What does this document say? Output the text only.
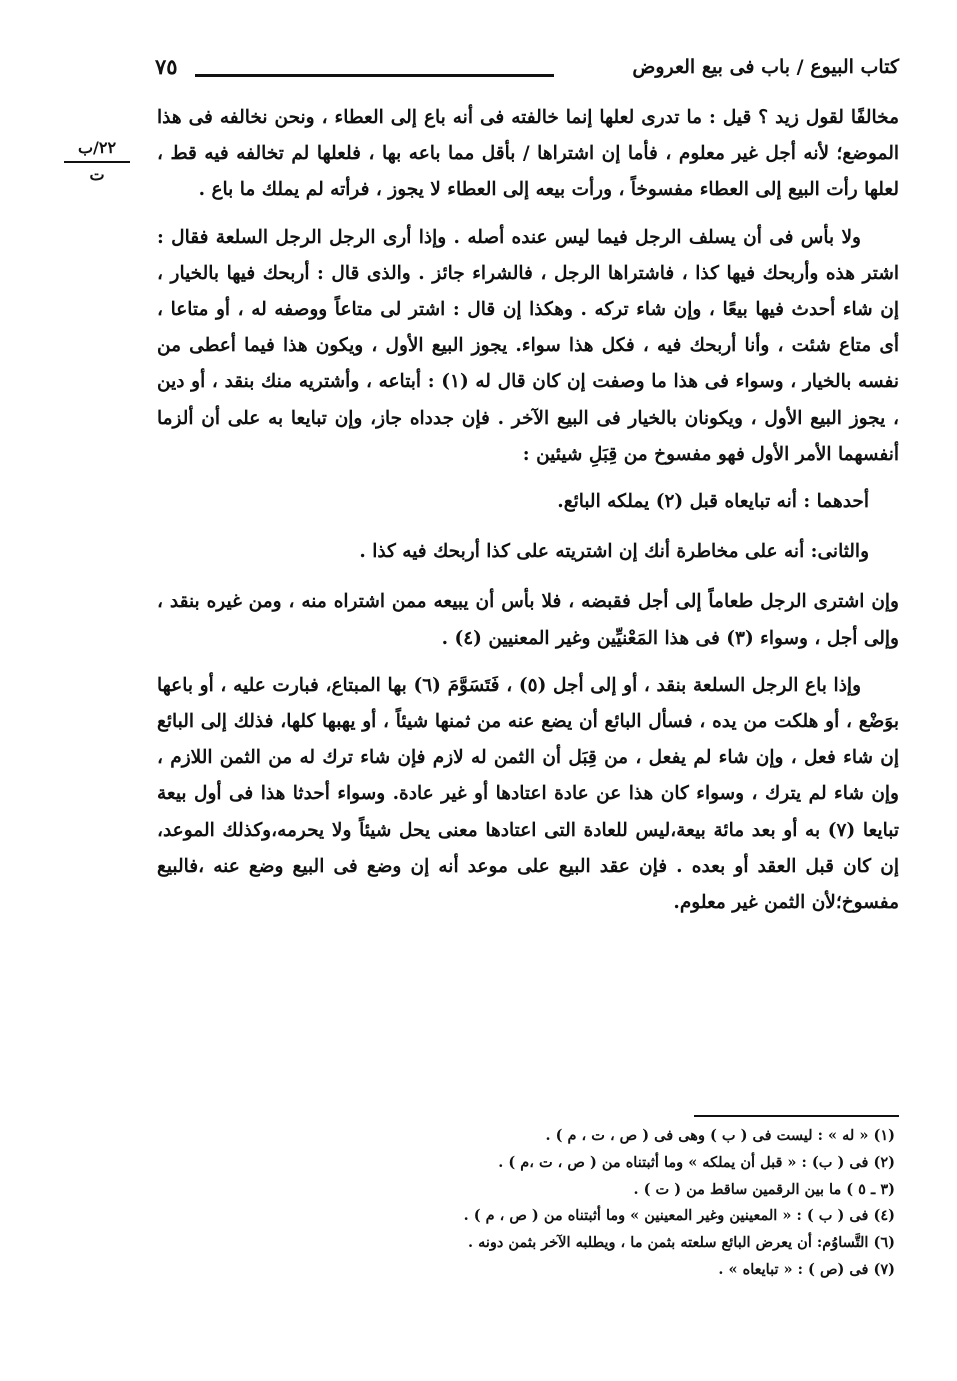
كتاب البيوع / باب فى بيع العروض
٧٥
٢٢/ب
ت

مخالفًا لقول زيد ؟ قيل : ما تدرى لعلها إنما خالفته فى أنه باع إلى العطاء ، ونحن نخالفه فى هذا الموضع؛ لأنه أجل غير معلوم ، فأما إن اشتراها / بأقل مما باعه بها ، فلعلها لم تخالفه فيه قط ، لعلها رأت البيع إلى العطاء مفسوخاً ، ورأت بيعه إلى العطاء لا يجوز ، فرأته لم يملك ما باع .

ولا بأس فى أن يسلف الرجل فيما ليس عنده أصله . وإذا أرى الرجل الرجل السلعة فقال : اشتر هذه وأربحك فيها كذا ، فاشتراها الرجل ، فالشراء جائز . والذى قال : أربحك فيها بالخيار ، إن شاء أحدث فيها بيعًا ، وإن شاء تركه . وهكذا إن قال : اشتر لى متاعاً ووصفه له ، أو متاعا ، أى متاع شئت ، وأنا أربحك فيه ، فكل هذا سواء. يجوز البيع الأول ، ويكون هذا فيما أعطى من نفسه بالخيار ، وسواء فى هذا ما وصفت إن كان قال له (١) : أبتاعه ، وأشتريه منك بنقد ، أو دين ، يجوز البيع الأول ، ويكونان بالخيار فى البيع الآخر . فإن جدداه جاز، وإن تبايعا به على أن ألزما أنفسهما الأمر الأول فهو مفسوخ من قِبَلِ شيئين :

أحدهما : أنه تبايعاه قبل (٢) يملكه البائع.

والثانى: أنه على مخاطرة أنك إن اشتريته على كذا أربحك فيه كذا .

وإن اشترى الرجل طعاماً إلى أجل فقبضه ، فلا بأس أن يبيعه ممن اشتراه منه ، ومن غيره بنقد ، وإلى أجل ، وسواء (٣) فى هذا المَعْنيِّين وغير المعنيين (٤) .

وإذا باع الرجل السلعة بنقد ، أو إلى أجل (٥) ، فَتَسَوَّمَ (٦) بها المبتاع، فبارت عليه ، أو باعها بوَضْع ، أو هلكت من يده ، فسأل البائع أن يضع عنه من ثمنها شيئاً ، أو يهبها كلها، فذلك إلى البائع إن شاء فعل ، وإن شاء لم يفعل ، من قِبَل أن الثمن له لازم فإن شاء ترك له من الثمن اللازم ، وإن شاء لم يترك ، وسواء كان هذا عن عادة اعتادها أو غير عادة. وسواء أحدثا هذا فى أول بيعة تبايعا (٧) به أو بعد مائة بيعة،ليس للعادة التى اعتادها معنى يحل شيئاً ولا يحرمه،وكذلك الموعد، إن كان قبل العقد أو بعده . فإن عقد البيع على موعد أنه إن وضع فى البيع وضع عنه ،فالبيع مفسوخ؛لأن الثمن غير معلوم.

(١) « له » : ليست فى ( ب ) وهى فى ( ص ، ت ، م ) .
(٢) فى ( ب) : « قبل أن يملكه » وما أثبتناه من ( ص ، ت ،م ) .
(٣ ـ ٥ ) ما بين الرقمين ساقط من ( ت ) .
(٤) فى ( ب ) : « المعينين وغير المعينين » وما أثبتناه من ( ص ، م ) .
(٦) التَّساوُم: أن يعرض البائع سلعته بثمن ما ، ويطلبه الآخر بثمن دونه .
(٧) فى (ص ) : « تبايعاه » .
